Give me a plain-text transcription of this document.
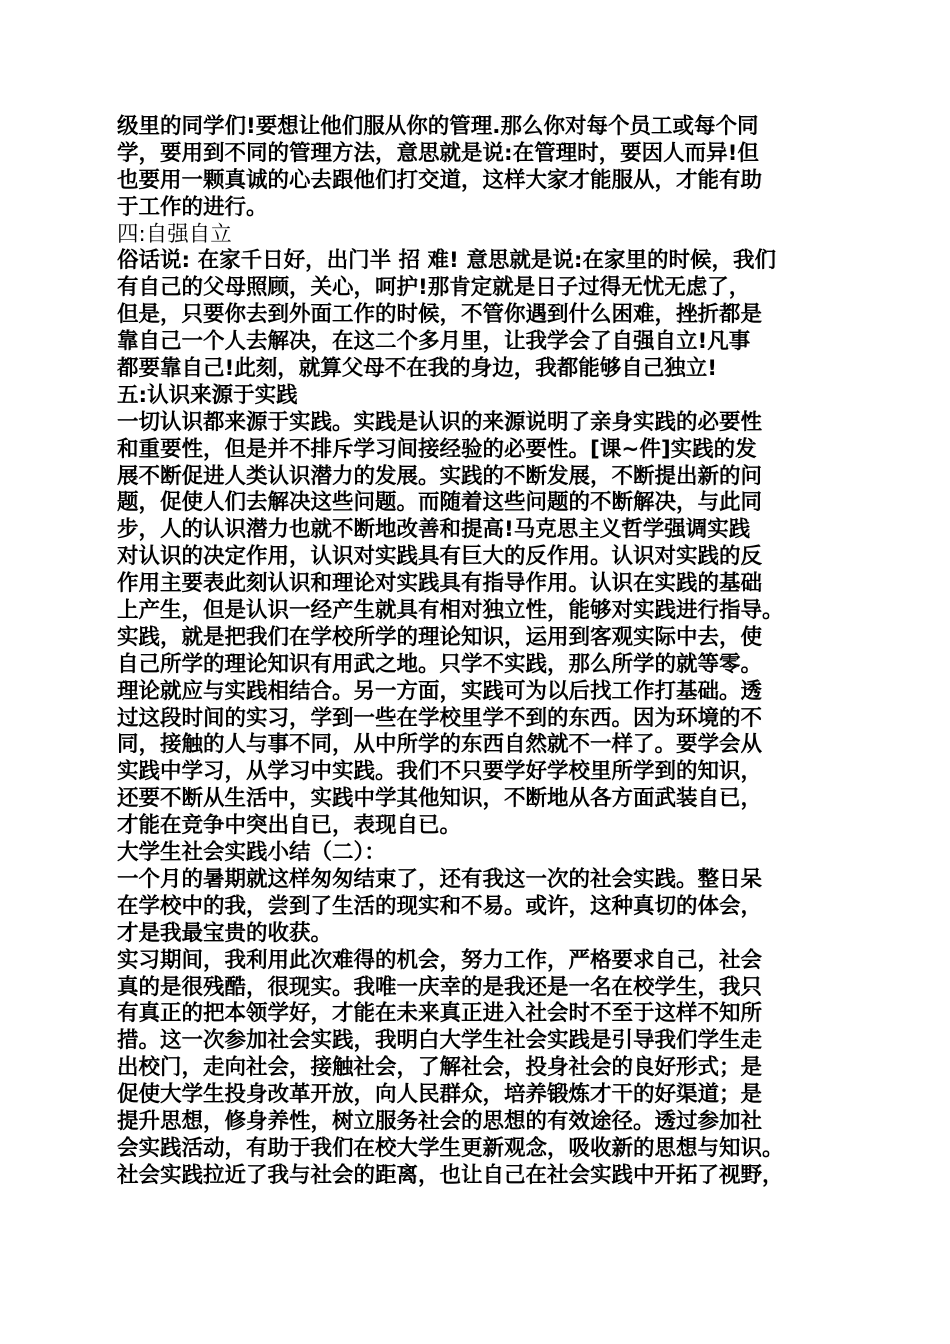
级里的同学们!要想让他们服从你的管理.那么你对每个员工或每个同
学，要用到不同的管理方法，意思就是说:在管理时，要因人而异!但
也要用一颗真诚的心去跟他们打交道，这样大家才能服从，才能有助
于工作的进行。
四:自强自立
俗话说: 在家千日好，出门半 招 难! 意思就是说:在家里的时候，我们
有自己的父母照顾，关心，呵护!那肯定就是日子过得无忧无虑了，
但是，只要你去到外面工作的时候，不管你遇到什么困难，挫折都是
靠自己一个人去解决，在这二个多月里，让我学会了自强自立!凡事
都要靠自己!此刻，就算父母不在我的身边，我都能够自己独立!
五:认识来源于实践
一切认识都来源于实践。实践是认识的来源说明了亲身实践的必要性
和重要性，但是并不排斥学习间接经验的必要性。[课~件]实践的发
展不断促进人类认识潜力的发展。实践的不断发展，不断提出新的问
题，促使人们去解决这些问题。而随着这些问题的不断解决，与此同
步，人的认识潜力也就不断地改善和提高!马克思主义哲学强调实践
对认识的决定作用，认识对实践具有巨大的反作用。认识对实践的反
作用主要表此刻认识和理论对实践具有指导作用。认识在实践的基础
上产生，但是认识一经产生就具有相对独立性，能够对实践进行指导。
实践，就是把我们在学校所学的理论知识，运用到客观实际中去，使
自己所学的理论知识有用武之地。只学不实践，那么所学的就等零。
理论就应与实践相结合。另一方面，实践可为以后找工作打基础。透
过这段时间的实习，学到一些在学校里学不到的东西。因为环境的不
同，接触的人与事不同，从中所学的东西自然就不一样了。要学会从
实践中学习，从学习中实践。我们不只要学好学校里所学到的知识，
还要不断从生活中，实践中学其他知识，不断地从各方面武装自已，
才能在竞争中突出自已，表现自已。
大学生社会实践小结（二）：
一个月的暑期就这样匆匆结束了，还有我这一次的社会实践。整日呆
在学校中的我，尝到了生活的现实和不易。或许，这种真切的体会，
才是我最宝贵的收获。
实习期间，我利用此次难得的机会，努力工作，严格要求自己，社会
真的是很残酷，很现实。我唯一庆幸的是我还是一名在校学生，我只
有真正的把本领学好，才能在未来真正进入社会时不至于这样不知所
措。这一次参加社会实践，我明白大学生社会实践是引导我们学生走
出校门，走向社会，接触社会，了解社会，投身社会的良好形式；是
促使大学生投身改革开放，向人民群众，培养锻炼才干的好渠道；是
提升思想，修身养性，树立服务社会的思想的有效途径。透过参加社
会实践活动，有助于我们在校大学生更新观念，吸收新的思想与知识。
社会实践拉近了我与社会的距离，也让自己在社会实践中开拓了视野，
